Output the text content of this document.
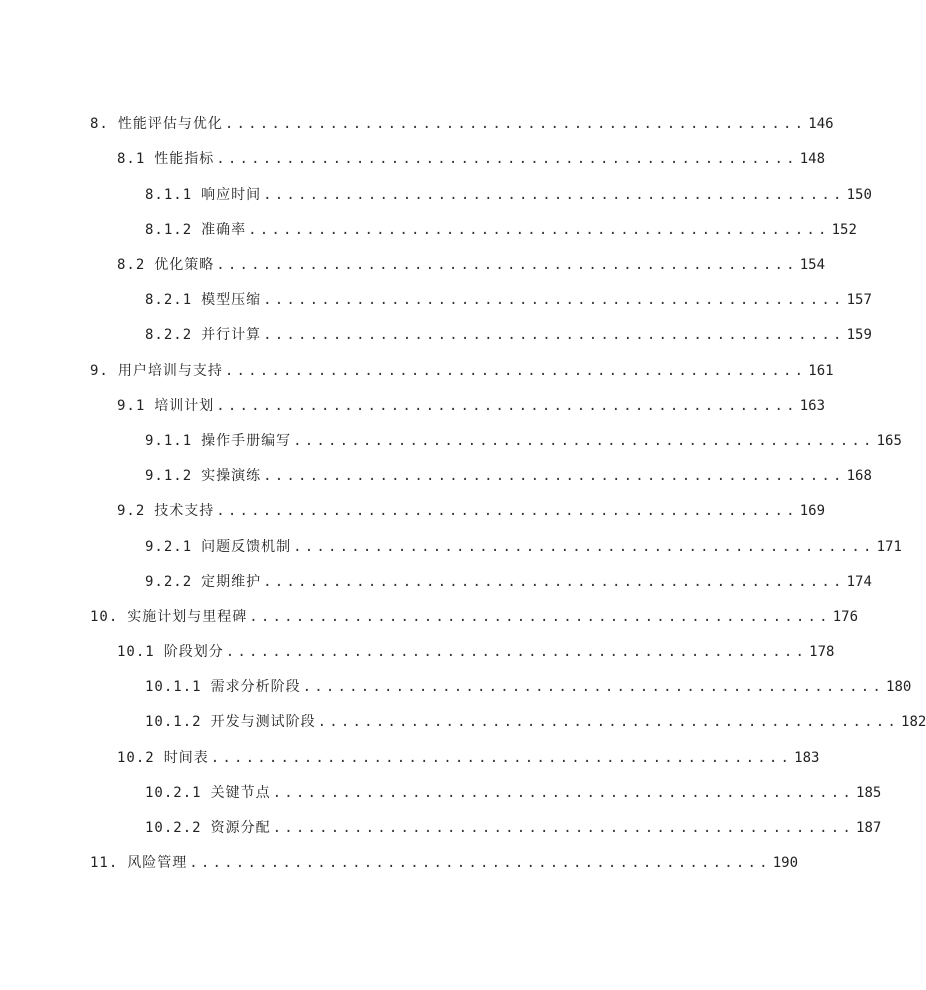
8. 性能评估与优化 .................................................. 146
8.1 性能指标 .................................................. 148
8.1.1 响应时间 .................................................. 150
8.1.2 准确率 .................................................. 152
8.2 优化策略 .................................................. 154
8.2.1 模型压缩 .................................................. 157
8.2.2 并行计算 .................................................. 159
9. 用户培训与支持 .................................................. 161
9.1 培训计划 .................................................. 163
9.1.1 操作手册编写 .................................................. 165
9.1.2 实操演练 .................................................. 168
9.2 技术支持 .................................................. 169
9.2.1 问题反馈机制 .................................................. 171
9.2.2 定期维护 .................................................. 174
10. 实施计划与里程碑 .................................................. 176
10.1 阶段划分 .................................................. 178
10.1.1 需求分析阶段 .................................................. 180
10.1.2 开发与测试阶段 .................................................. 182
10.2 时间表 .................................................. 183
10.2.1 关键节点 .................................................. 185
10.2.2 资源分配 .................................................. 187
11. 风险管理 .................................................. 190
